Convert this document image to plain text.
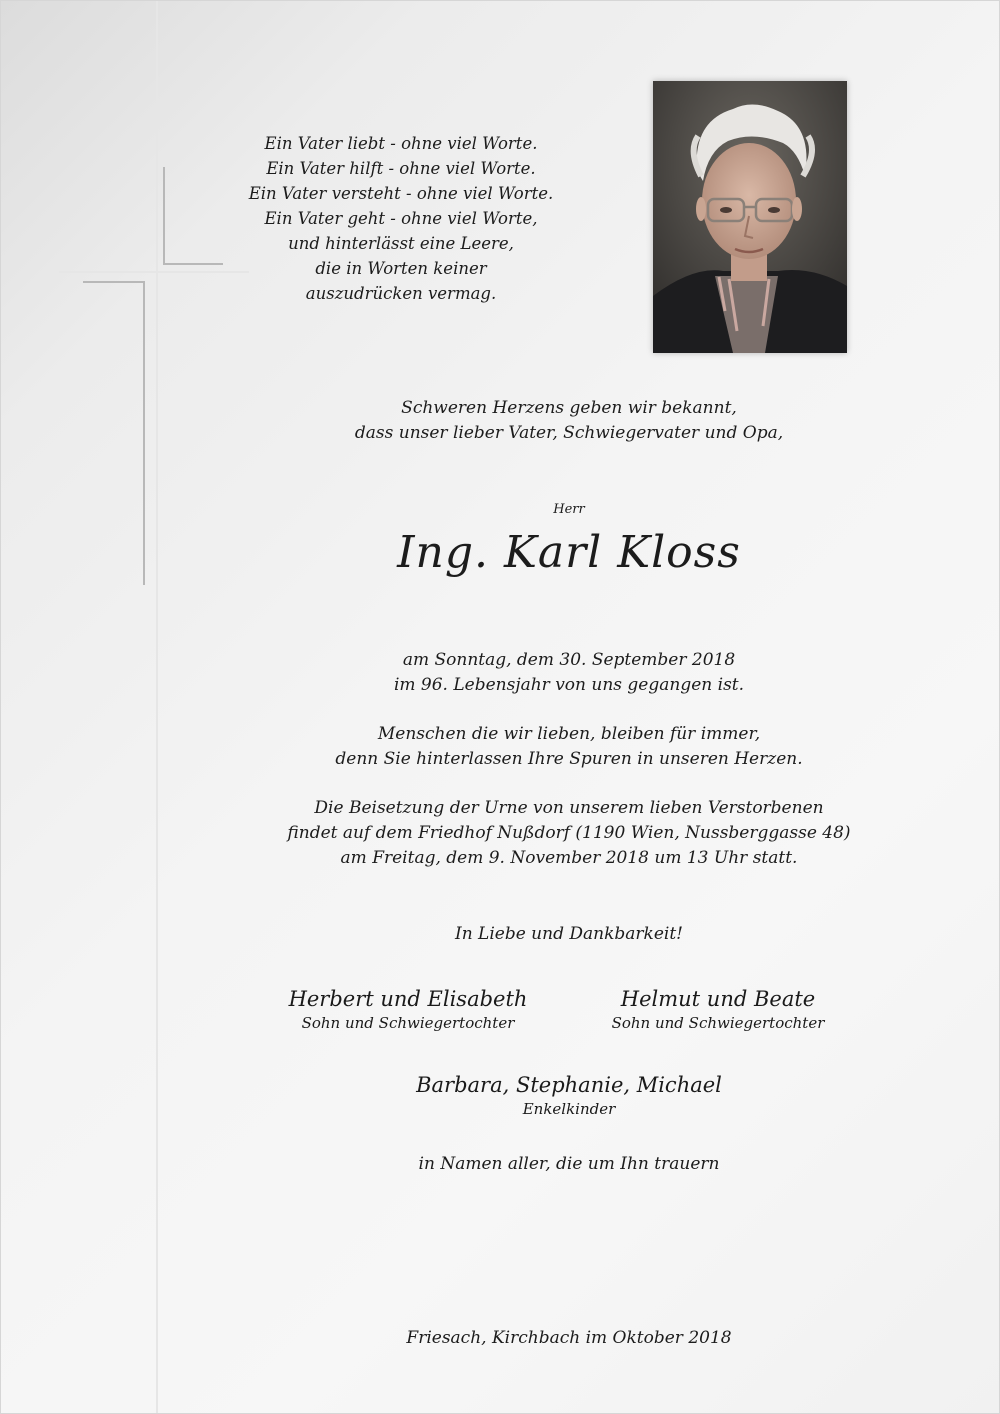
Ein Vater liebt - ohne viel Worte.
Ein Vater hilft - ohne viel Worte.
Ein Vater versteht - ohne viel Worte.
Ein Vater geht - ohne viel Worte,
und hinterlässt eine Leere,
die in Worten keiner
auszudrücken vermag.
Schweren Herzens geben wir bekannt,
dass unser lieber Vater, Schwiegervater und Opa,
Herr
Ing. Karl Kloss
am Sonntag, dem 30. September 2018
im 96. Lebensjahr von uns gegangen ist.
Menschen die wir lieben, bleiben für immer,
denn Sie hinterlassen Ihre Spuren in unseren Herzen.
Die Beisetzung der Urne von unserem lieben Verstorbenen
findet auf dem Friedhof Nußdorf (1190 Wien, Nussberggasse 48)
am Freitag, dem 9. November 2018 um 13 Uhr statt.
In Liebe und Dankbarkeit!
Herbert und Elisabeth
Sohn und Schwiegertochter
Helmut und Beate
Sohn und Schwiegertochter
Barbara, Stephanie, Michael
Enkelkinder
in Namen aller, die um Ihn trauern
Friesach, Kirchbach im Oktober 2018
